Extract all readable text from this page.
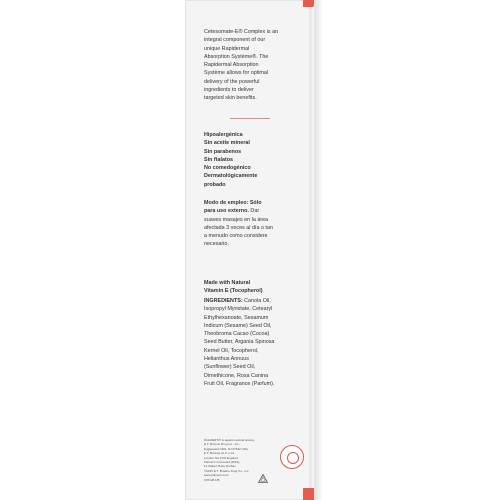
Cetesomate-E® Complex is an
integral component of our
unique Rapidermal
Absorption Système®. The
Rapidermal Absorption
Système allows for optimal
delivery of the powerful
ingredients to deliver
targeted skin benefits.

Hipoalergénica
Sin aceite mineral
Sin parabenos
Sin ftalatos
No comedogénico
Dermatológicamente
probado

Modo de empleo: Sólo
para uso externo. Dar
suaves masajes en la área
afectada 3 veces al día o tan
a menudo como considere
necesario.

Made with Natural
Vitamin E (Tocopherol)

INGREDIENTS: Canola Oil,
Isopropyl Myristate, Cetearyl
Ethylhexanoate, Sesamum
Indicum (Sesame) Seed Oil,
Theobroma Cacao (Cocoa)
Seed Butter, Argania Spinosa
Kernel Oil, Tocopherol,
Helianthus Annuus
(Sunflower) Seed Oil,
Dimethicone, Rosa Canina
Fruit Oil, Fragrance (Parfum).

PALMER'S® is against animal testing.
E.T. Browne Drug Co., Inc.,
Englewood Cliffs, NJ 07632 USA
E.T. Browne (U.K.) Ltd.,
London N3 1TW England
Palmer's Cosmetics (RSA),
12 Walter Place Durban
©2015 E.T. Browne Drug Co., Inc.
www.palmers.com
F97128.1/B
